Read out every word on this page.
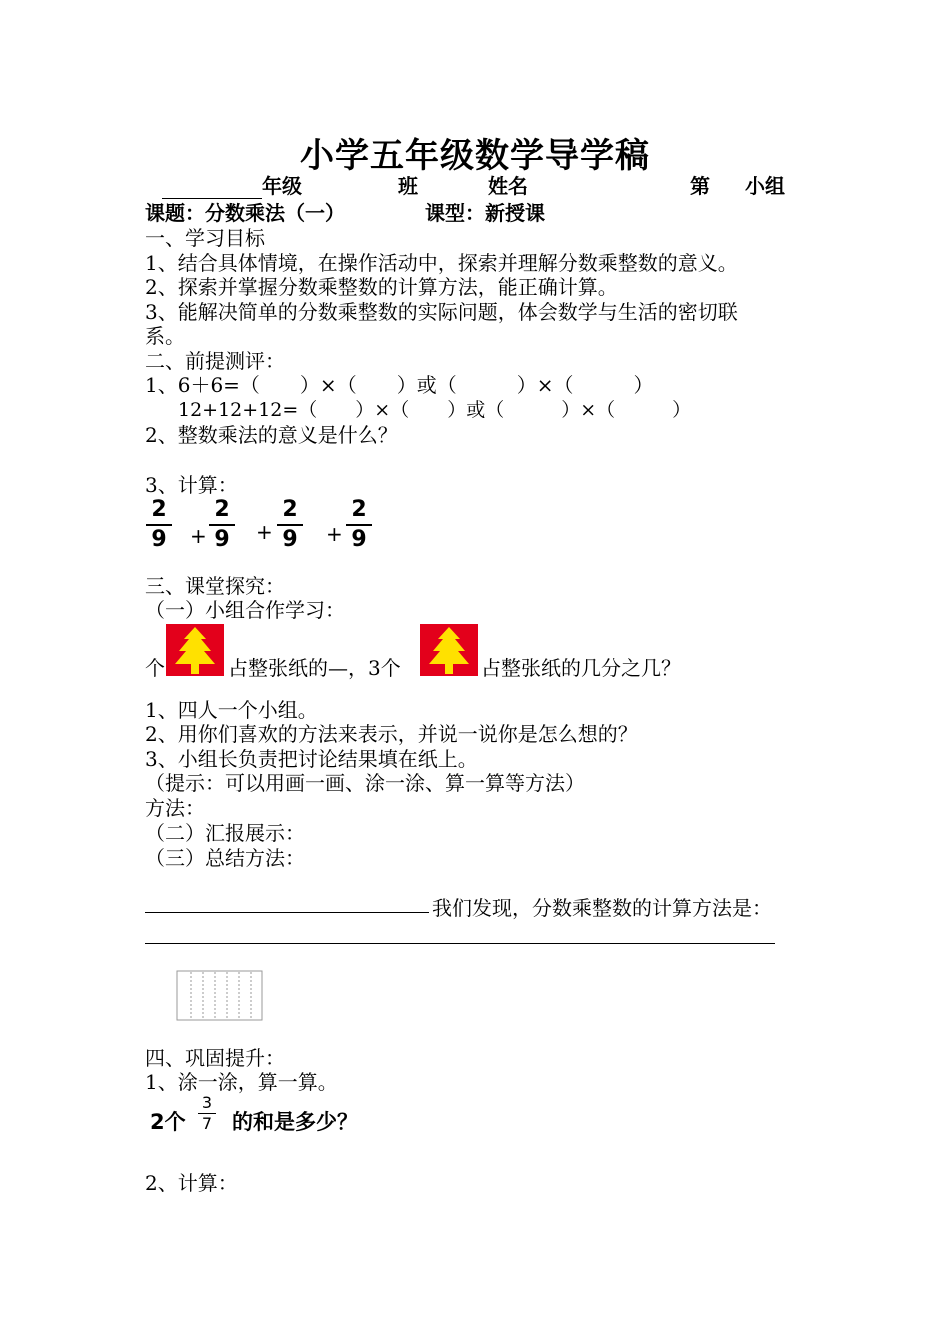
小学五年级数学导学稿
年级	班	姓名	第 小组
课题：分数乘法（一）	课型：新授课
一、学习目标
1、结合具体情境，在操作活动中，探索并理解分数乘整数的意义。
2、探索并掌握分数乘整数的计算方法，能正确计算。
3、能解决简单的分数乘整数的实际问题，体会数学与生活的密切联
系。
二、前提测评：
1、6＋6=（　　）×（　　）或（　　　）×（　　　）
12+12+12=（　　）×（　　）或（　　　）×（　　　）
2、整数乘法的意义是什么？
3、计算：
2
9 +
2
9 +
2
9 +
2
9
三、课堂探究：
（一）小组合作学习：
个	占整张纸的—，3个	占整张纸的几分之几？
1、四人一个小组。
2、用你们喜欢的方法来表示，并说一说你是怎么想的？
3、小组长负责把讨论结果填在纸上。
（提示：可以用画一画、涂一涂、算一算等方法）
方法：
（二）汇报展示：
（三）总结方法：
我们发现，分数乘整数的计算方法是：
四、巩固提升：
1、涂一涂，算一算。
2个
3
7 的和是多少？
2、计算：
